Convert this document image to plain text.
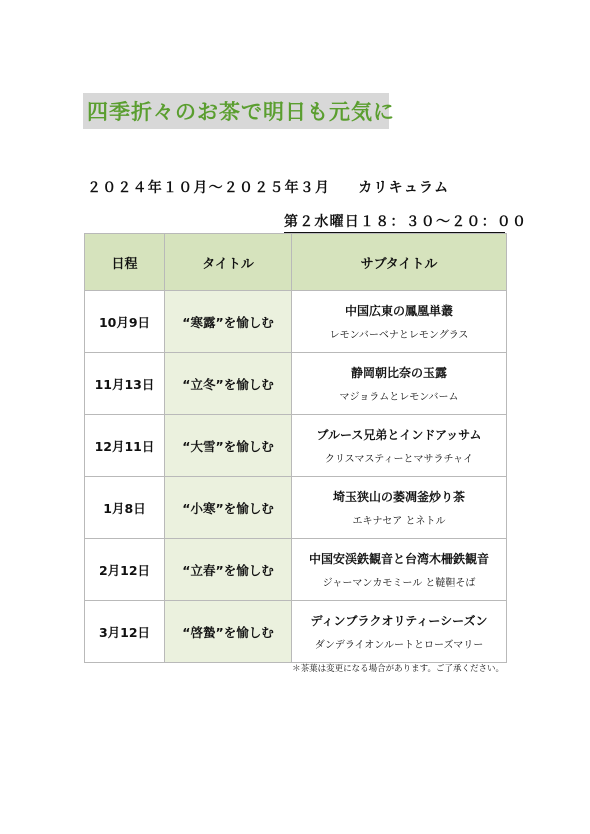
四季折々のお茶で明日も元気に
２０２４年１０月〜２０２５年３月 カリキュラム
第２水曜日１８：３０〜２０：００
日程	タイトル	サブタイトル
10月9日	“寒露”を愉しむ	中国広東の鳳凰単叢
レモンバーベナとレモングラス

11月13日	“立冬”を愉しむ	静岡朝比奈の玉露
マジョラムとレモンバーム

12月11日	“大雪”を愉しむ	ブルース兄弟とインドアッサム
クリスマスティーとマサラチャイ

1月8日	“小寒”を愉しむ	埼玉狭山の萎凋釜炒り茶
エキナセア とネトル

2月12日	“立春”を愉しむ	中国安渓鉄観音と台湾木柵鉄観音
ジャーマンカモミール と韃靼そば

3月12日	“啓蟄”を愉しむ	ディンブラクオリティーシーズン
ダンデライオンルートとローズマリー
＊茶葉は変更になる場合があります。ご了承ください。
